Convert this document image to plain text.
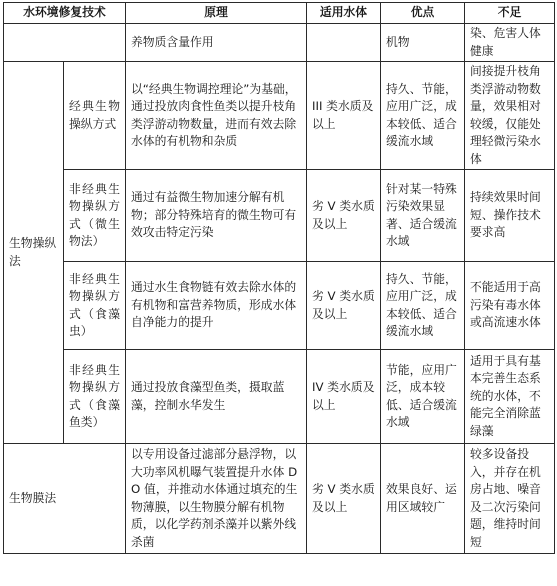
水环境修复技术		原理	适用水体	优点	不足
		养物质含量作用		机物	染、危害人体健康
生物操纵法	经典生物操纵方式	以“经典生物调控理论”为基础，通过投放肉食性鱼类以提升枝角类浮游动物数量，进而有效去除水体的有机物和杂质	III 类水质及以上	持久、节能，应用广泛，成本较低、适合缓流水域	间接提升枝角类浮游动物数量，效果相对较缓，仅能处理轻微污染水体
	非经典生物操纵方式（微生物法）	通过有益微生物加速分解有机物；部分特殊培育的微生物可有效攻击特定污染	劣 V 类水质及以上	针对某一特殊污染效果显著、适合缓流水域	持续效果时间短、操作技术要求高
	非经典生物操纵方式（食藻虫）	通过水生食物链有效去除水体的有机物和富营养物质，形成水体自净能力的提升	劣 V 类水质及以上	持久、节能，应用广泛，成本较低、适合缓流水域	不能适用于高污染有毒水体或高流速水体
	非经典生物操纵方式（食藻鱼类）	通过投放食藻型鱼类，摄取蓝藻，控制水华发生	IV 类水质及以上	节能，应用广泛，成本较低、适合缓流水域	适用于具有基本完善生态系统的水体，不能完全消除蓝绿藻
生物膜法		以专用设备过滤部分悬浮物，以大功率风机曝气装置提升水体 DO 值，并推动水体通过填充的生物薄膜，以生物膜分解有机物质，以化学药剂杀藻并以紫外线杀菌	劣 V 类水质及以上	效果良好、运用区域较广	较多设备投入，并存在机房占地、噪音及二次污染问题，维持时间短
